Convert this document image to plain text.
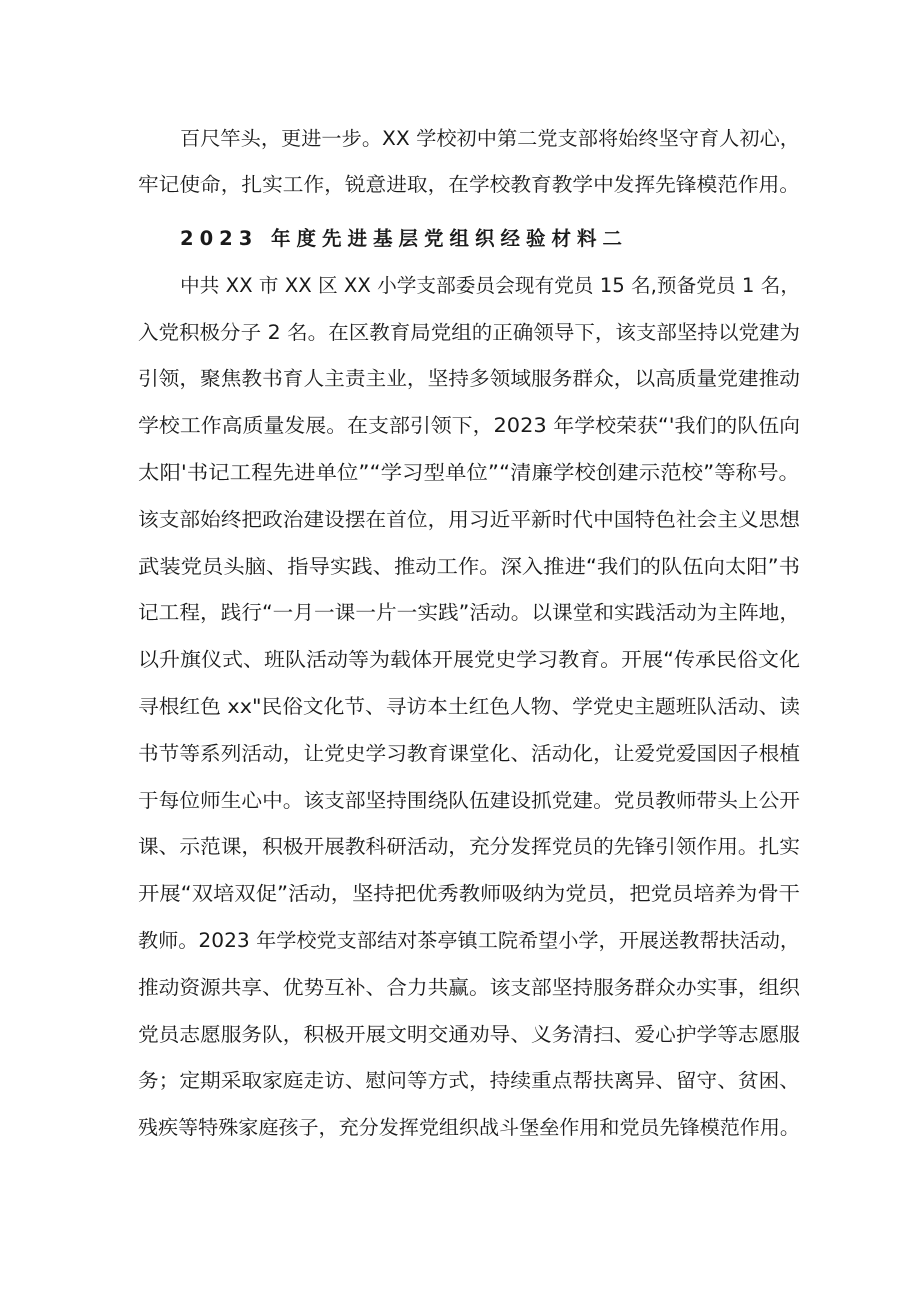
百尺竿头，更进一步。XX 学校初中第二党支部将始终坚守育人初心，
牢记使命，扎实工作，锐意进取，在学校教育教学中发挥先锋模范作用。
2023 年度先进基层党组织经验材料二
中共 XX 市 XX 区 XX 小学支部委员会现有党员 15 名,预备党员 1 名，
入党积极分子 2 名。在区教育局党组的正确领导下，该支部坚持以党建为
引领，聚焦教书育人主责主业，坚持多领域服务群众，以高质量党建推动
学校工作高质量发展。在支部引领下，2023 年学校荣获“'我们的队伍向
太阳'书记工程先进单位”“学习型单位”“清廉学校创建示范校”等称号。
该支部始终把政治建设摆在首位，用习近平新时代中国特色社会主义思想
武装党员头脑、指导实践、推动工作。深入推进“我们的队伍向太阳”书
记工程，践行“一月一课一片一实践”活动。以课堂和实践活动为主阵地，
以升旗仪式、班队活动等为载体开展党史学习教育。开展“传承民俗文化
寻根红色 xx"民俗文化节、寻访本土红色人物、学党史主题班队活动、读
书节等系列活动，让党史学习教育课堂化、活动化，让爱党爱国因子根植
于每位师生心中。该支部坚持围绕队伍建设抓党建。党员教师带头上公开
课、示范课，积极开展教科研活动，充分发挥党员的先锋引领作用。扎实
开展“双培双促”活动，坚持把优秀教师吸纳为党员，把党员培养为骨干
教师。2023 年学校党支部结对茶亭镇工院希望小学，开展送教帮扶活动，
推动资源共享、优势互补、合力共赢。该支部坚持服务群众办实事，组织
党员志愿服务队，积极开展文明交通劝导、义务清扫、爱心护学等志愿服
务；定期采取家庭走访、慰问等方式，持续重点帮扶离异、留守、贫困、
残疾等特殊家庭孩子，充分发挥党组织战斗堡垒作用和党员先锋模范作用。
